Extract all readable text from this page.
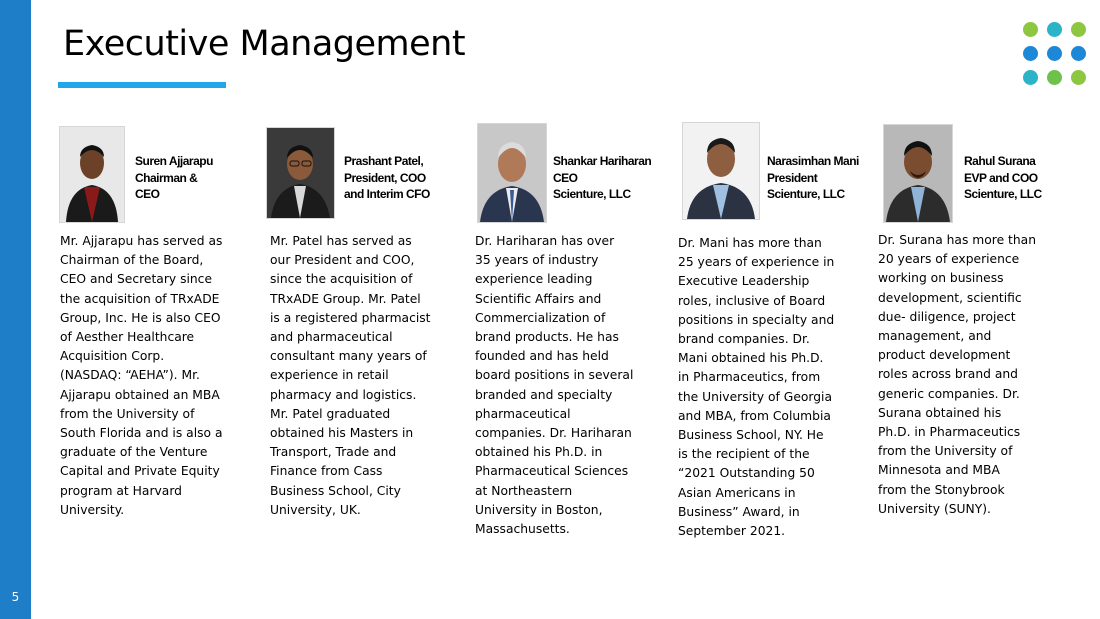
5
Executive Management
Suren Ajjarapu
Chairman &
CEO
Mr. Ajjarapu has served as
Chairman of the Board,
CEO and Secretary since
the acquisition of TRxADE
Group, Inc. He is also CEO
of Aesther Healthcare
Acquisition Corp.
(NASDAQ: “AEHA”). Mr.
Ajjarapu obtained an MBA
from the University of
South Florida and is also a
graduate of the Venture
Capital and Private Equity
program at Harvard
University.
Prashant Patel,
President, COO
and Interim CFO
Mr. Patel has served as
our President and COO,
since the acquisition of
TRxADE Group. Mr. Patel
is a registered pharmacist
and pharmaceutical
consultant many years of
experience in retail
pharmacy and logistics.
Mr. Patel graduated
obtained his Masters in
Transport, Trade and
Finance from Cass
Business School, City
University, UK.
Shankar Hariharan
CEO
Scienture, LLC
Dr. Hariharan has over
35 years of industry
experience leading
Scientific Affairs and
Commercialization of
brand products. He has
founded and has held
board positions in several
branded and specialty
pharmaceutical
companies. Dr. Hariharan
obtained his Ph.D. in
Pharmaceutical Sciences
at Northeastern
University in Boston,
Massachusetts.
Narasimhan Mani
President
Scienture, LLC
Dr. Mani has more than
25 years of experience in
Executive Leadership
roles, inclusive of Board
positions in specialty and
brand companies. Dr.
Mani obtained his Ph.D.
in Pharmaceutics, from
the University of Georgia
and MBA, from Columbia
Business School, NY. He
is the recipient of the
“2021 Outstanding 50
Asian Americans in
Business” Award, in
September 2021.
Rahul Surana
EVP and COO
Scienture, LLC
Dr. Surana has more than
20 years of experience
working on business
development, scientific
due- diligence, project
management, and
product development
roles across brand and
generic companies. Dr.
Surana obtained his
Ph.D. in Pharmaceutics
from the University of
Minnesota and MBA
from the Stonybrook
University (SUNY).
